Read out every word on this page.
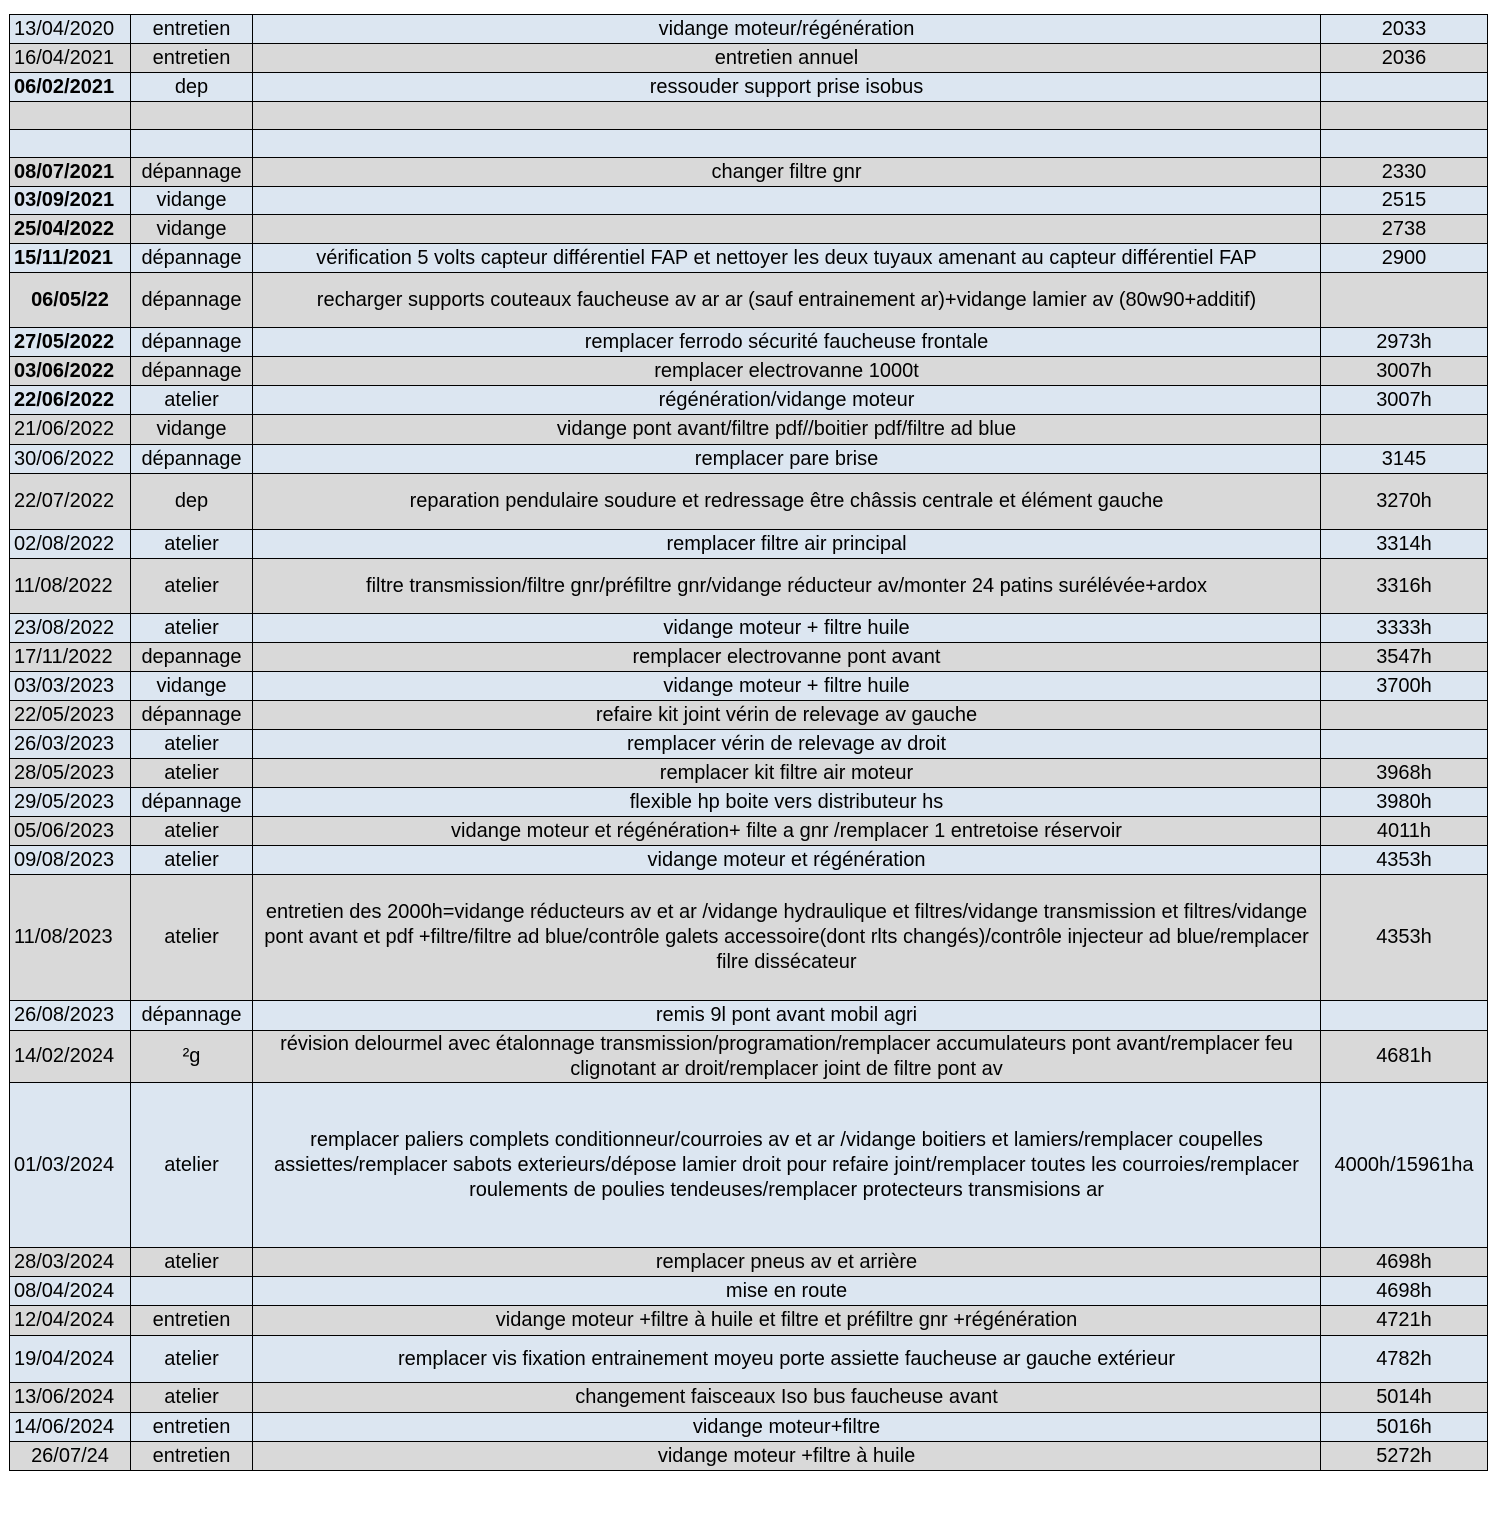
13/04/2020	entretien	vidange moteur/régénération	2033
16/04/2021	entretien	entretien annuel	2036
06/02/2021	dep	ressouder support prise isobus	

08/07/2021	dépannage	changer filtre gnr	2330
03/09/2021	vidange		2515
25/04/2022	vidange		2738
15/11/2021	dépannage	vérification 5 volts capteur différentiel FAP et nettoyer les deux tuyaux amenant au capteur différentiel FAP	2900
06/05/22	dépannage	recharger supports couteaux faucheuse av ar ar (sauf entrainement ar)+vidange lamier av (80w90+additif)	
27/05/2022	dépannage	remplacer ferrodo sécurité faucheuse frontale	2973h
03/06/2022	dépannage	remplacer electrovanne 1000t	3007h
22/06/2022	atelier	régénération/vidange moteur	3007h
21/06/2022	vidange	vidange pont avant/filtre pdf//boitier pdf/filtre ad blue	
30/06/2022	dépannage	remplacer pare brise	3145
22/07/2022	dep	reparation pendulaire soudure et redressage être châssis centrale et élément gauche	3270h
02/08/2022	atelier	remplacer filtre air principal	3314h
11/08/2022	atelier	filtre transmission/filtre gnr/préfiltre gnr/vidange réducteur av/monter 24 patins surélévée+ardox	3316h
23/08/2022	atelier	vidange moteur + filtre huile	3333h
17/11/2022	depannage	remplacer electrovanne pont avant	3547h
03/03/2023	vidange	vidange moteur + filtre huile	3700h
22/05/2023	dépannage	refaire kit joint vérin de relevage av gauche	
26/03/2023	atelier	remplacer vérin de relevage av droit	
28/05/2023	atelier	remplacer kit filtre air moteur	3968h
29/05/2023	dépannage	flexible hp boite vers distributeur hs	3980h
05/06/2023	atelier	vidange moteur et régénération+ filte a gnr /remplacer 1 entretoise réservoir	4011h
09/08/2023	atelier	vidange moteur et régénération	4353h
11/08/2023	atelier	entretien des 2000h=vidange réducteurs av et ar /vidange hydraulique et filtres/vidange transmission et filtres/vidange pont avant et pdf +filtre/filtre ad blue/contrôle galets accessoire(dont rlts changés)/contrôle injecteur ad blue/remplacer filre dissécateur	4353h
26/08/2023	dépannage	remis 9l pont avant mobil agri	
14/02/2024	²g	révision delourmel avec étalonnage transmission/programation/remplacer accumulateurs pont avant/remplacer feu clignotant ar droit/remplacer joint de filtre pont av	4681h
01/03/2024	atelier	remplacer paliers complets conditionneur/courroies av et ar /vidange boitiers et lamiers/remplacer coupelles assiettes/remplacer sabots exterieurs/dépose lamier droit pour refaire joint/remplacer toutes les courroies/remplacer roulements de poulies tendeuses/remplacer protecteurs transmisions ar	4000h/15961ha
28/03/2024	atelier	remplacer pneus av et arrière	4698h
08/04/2024		mise en route	4698h
12/04/2024	entretien	vidange moteur +filtre à huile et filtre et préfiltre gnr +régénération	4721h
19/04/2024	atelier	remplacer vis fixation entrainement moyeu porte assiette faucheuse ar gauche extérieur	4782h
13/06/2024	atelier	changement faisceaux Iso bus faucheuse avant	5014h
14/06/2024	entretien	vidange moteur+filtre	5016h
26/07/24	entretien	vidange moteur +filtre à huile	5272h
